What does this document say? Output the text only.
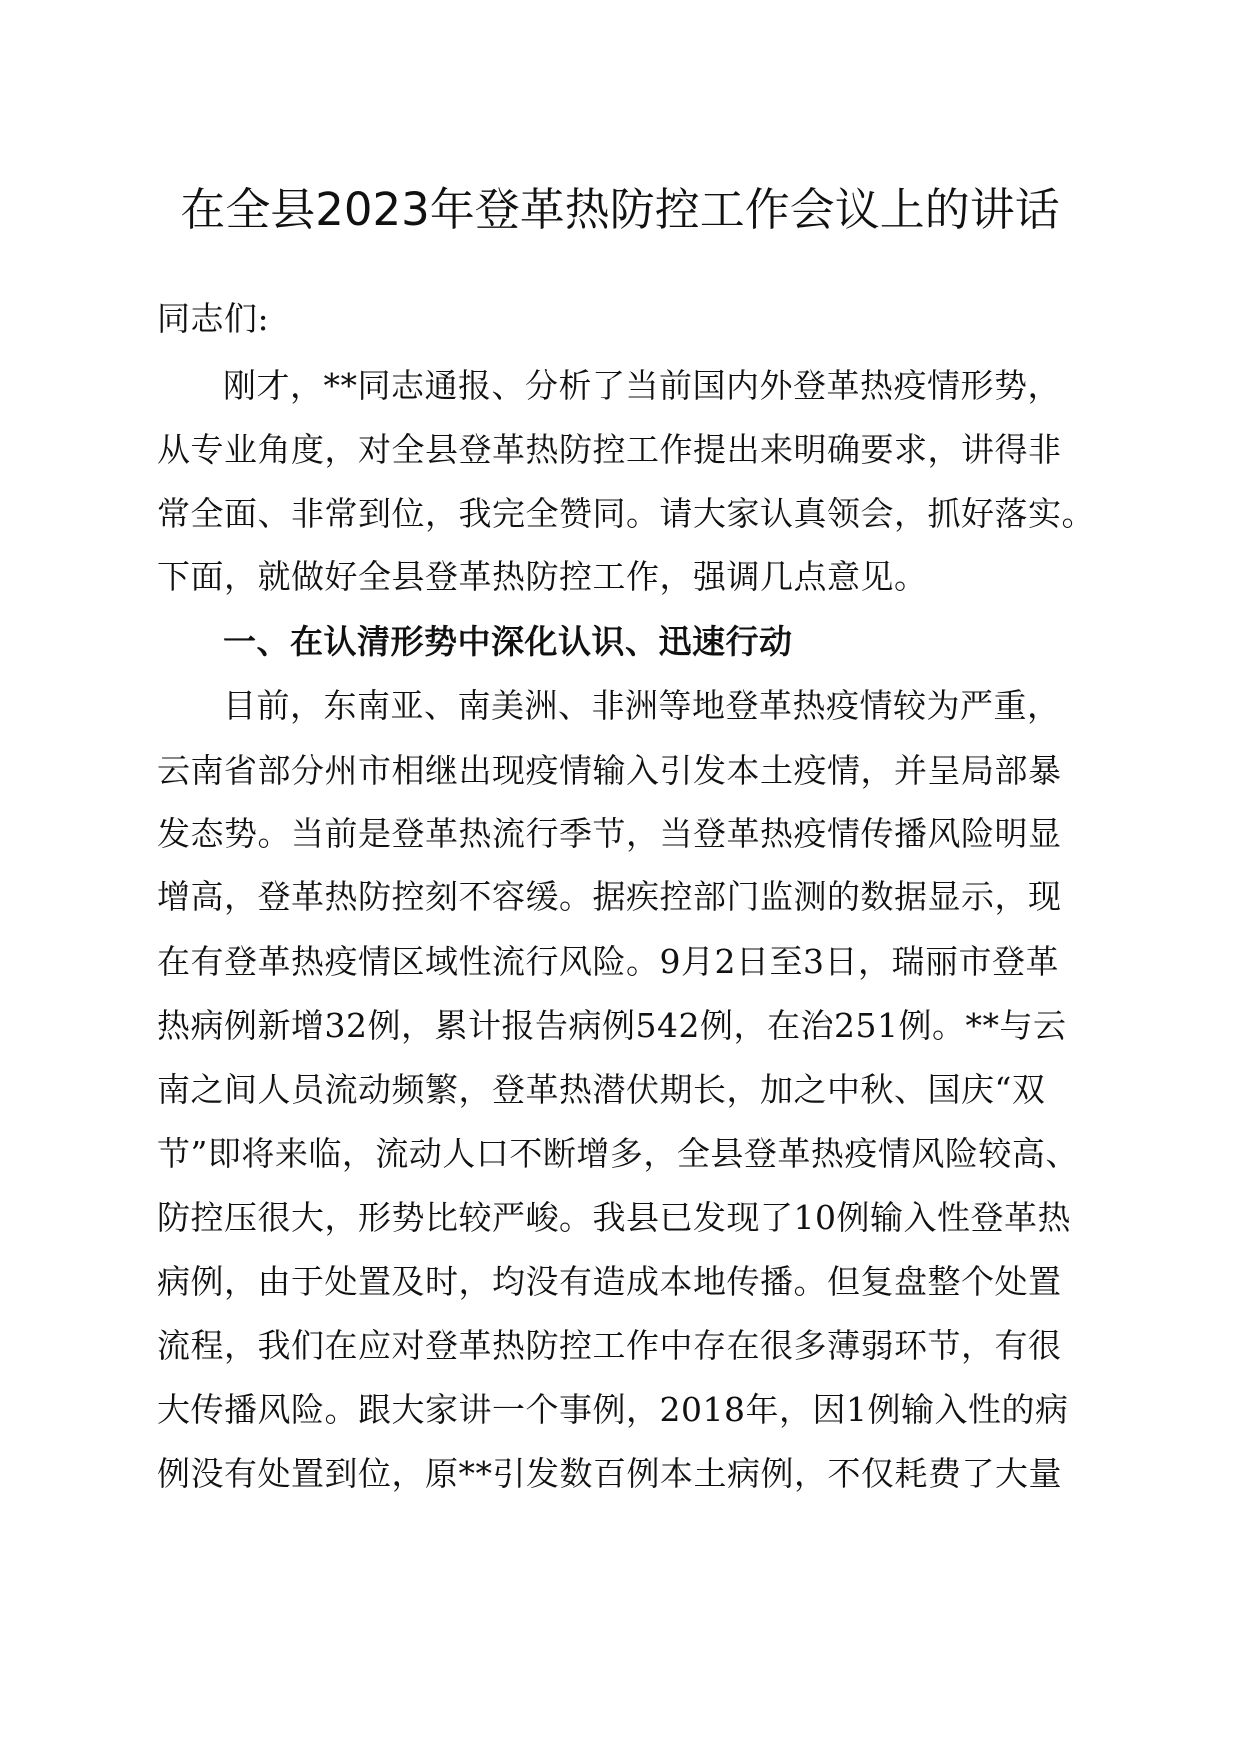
在全县2023年登革热防控工作会议上的讲话

同志们:

刚才，**同志通报、分析了当前国内外登革热疫情形势，

从专业角度，对全县登革热防控工作提出来明确要求，讲得非

常全面、非常到位，我完全赞同。请大家认真领会，抓好落实。

下面，就做好全县登革热防控工作，强调几点意见。

一、在认清形势中深化认识、迅速行动

目前，东南亚、南美洲、非洲等地登革热疫情较为严重，

云南省部分州市相继出现疫情输入引发本土疫情，并呈局部暴

发态势。当前是登革热流行季节，当登革热疫情传播风险明显

增高，登革热防控刻不容缓。据疾控部门监测的数据显示，现

在有登革热疫情区域性流行风险。9月2日至3日，瑞丽市登革

热病例新增32例，累计报告病例542例，在治251例。**与云

南之间人员流动频繁，登革热潜伏期长，加之中秋、国庆“双

节”即将来临，流动人口不断增多，全县登革热疫情风险较高、

防控压很大，形势比较严峻。我县已发现了10例输入性登革热

病例，由于处置及时，均没有造成本地传播。但复盘整个处置

流程，我们在应对登革热防控工作中存在很多薄弱环节，有很

大传播风险。跟大家讲一个事例，2018年，因1例输入性的病

例没有处置到位，原**引发数百例本土病例，不仅耗费了大量
